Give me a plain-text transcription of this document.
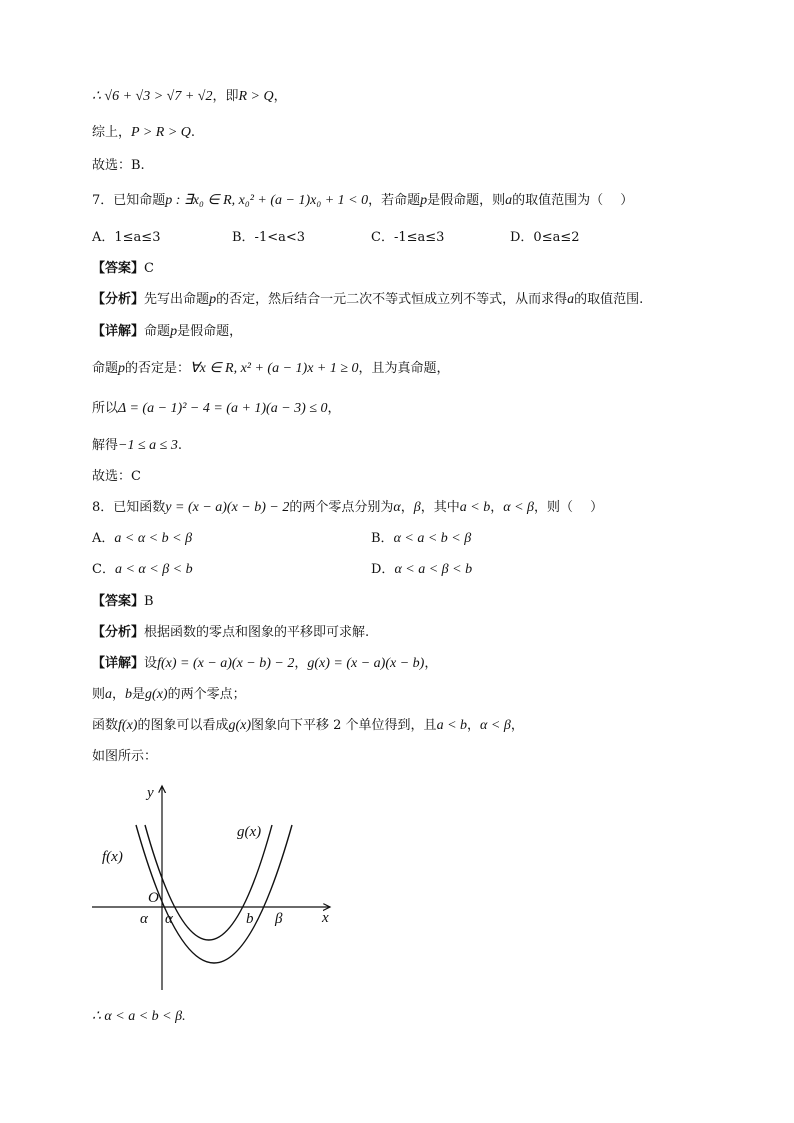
∴ √6 + √3 > √7 + √2，即R > Q，
综上，P > R > Q.
故选：B.
7．已知命题p : ∃x₀ ∈ R, x₀² + (a − 1)x₀ + 1 < 0，若命题p是假命题，则a的取值范围为（　 ）
A．1≤a≤3	B．-1<a<3	C．-1≤a≤3	D．0≤a≤2
【 答案 】 C
【 分析 】 先写出命题p的否定，然后结合一元二次不等式恒成立列不等式，从而求得a的取值范围.
【 详解 】 命题p是假命题，
命题p的否定是：∀x ∈ R, x² + (a − 1)x + 1 ≥ 0，且为真命题，
所以Δ = (a − 1)² − 4 = (a + 1)(a − 3) ≤ 0，
解得−1 ≤ a ≤ 3.
故选：C
8．已知函数y = (x − a)(x − b) − 2的两个零点分别为α，β，其中a < b，α < β，则（　 ）
A．a < α < b < β	B．α < a < b < β
C．a < α < β < b	D．α < a < β < b
【 答案 】 B
【 分析 】 根据函数的零点和图象的平移即可求解.
【 详解 】 设f(x) = (x − a)(x − b) − 2，g(x) = (x − a)(x − b)，
则a，b是g(x)的两个零点；
函数f(x)的图象可以看成g(x)图象向下平移 2 个单位得到，且a < b，α < β，
如图所示：
y
x
g(x)
f(x)
O
α α	b β
∴ α < a < b < β.
